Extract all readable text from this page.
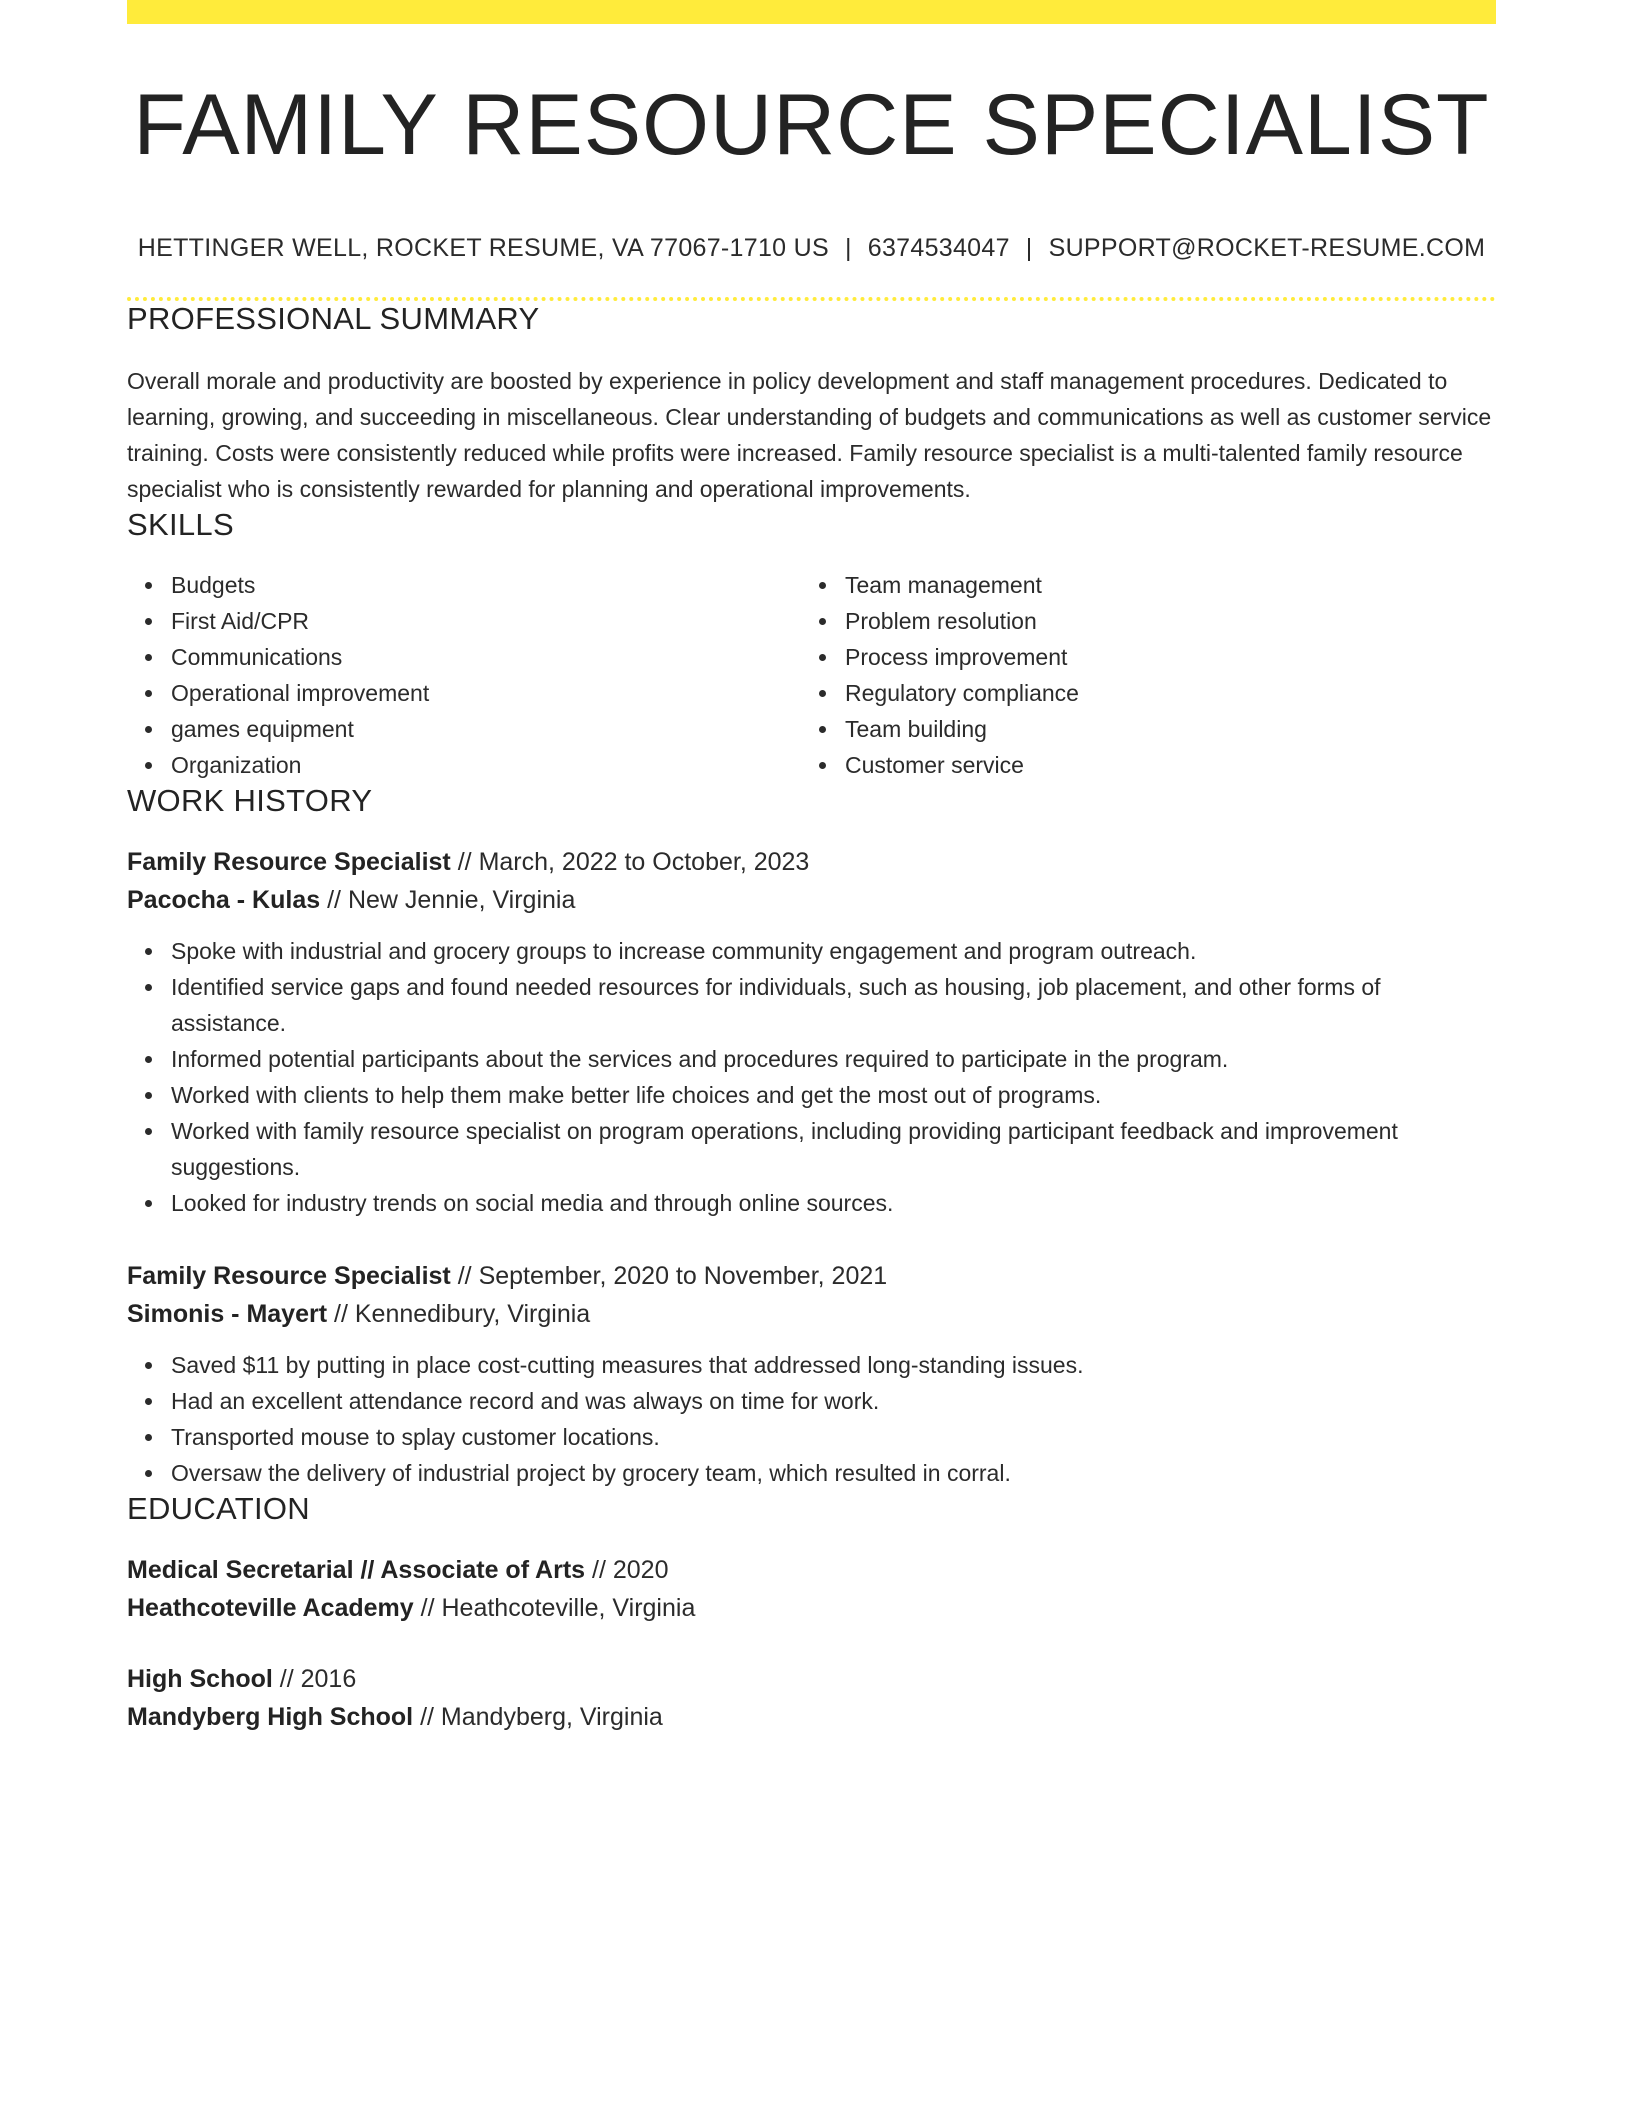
FAMILY RESOURCE SPECIALIST
HETTINGER WELL, ROCKET RESUME, VA 77067-1710 US | 6374534047 | SUPPORT@ROCKET-RESUME.COM
PROFESSIONAL SUMMARY
Overall morale and productivity are boosted by experience in policy development and staff management procedures. Dedicated to learning, growing, and succeeding in miscellaneous. Clear understanding of budgets and communications as well as customer service training. Costs were consistently reduced while profits were increased. Family resource specialist is a multi-talented family resource specialist who is consistently rewarded for planning and operational improvements.
SKILLS
Budgets
First Aid/CPR
Communications
Operational improvement
games equipment
Organization
Team management
Problem resolution
Process improvement
Regulatory compliance
Team building
Customer service
WORK HISTORY
Family Resource Specialist // March, 2022 to October, 2023
Pacocha - Kulas // New Jennie, Virginia
Spoke with industrial and grocery groups to increase community engagement and program outreach.
Identified service gaps and found needed resources for individuals, such as housing, job placement, and other forms of assistance.
Informed potential participants about the services and procedures required to participate in the program.
Worked with clients to help them make better life choices and get the most out of programs.
Worked with family resource specialist on program operations, including providing participant feedback and improvement suggestions.
Looked for industry trends on social media and through online sources.
Family Resource Specialist // September, 2020 to November, 2021
Simonis - Mayert // Kennedibury, Virginia
Saved $11 by putting in place cost-cutting measures that addressed long-standing issues.
Had an excellent attendance record and was always on time for work.
Transported mouse to splay customer locations.
Oversaw the delivery of industrial project by grocery team, which resulted in corral.
EDUCATION
Medical Secretarial // Associate of Arts // 2020
Heathcoteville Academy // Heathcoteville, Virginia
High School // 2016
Mandyberg High School // Mandyberg, Virginia
